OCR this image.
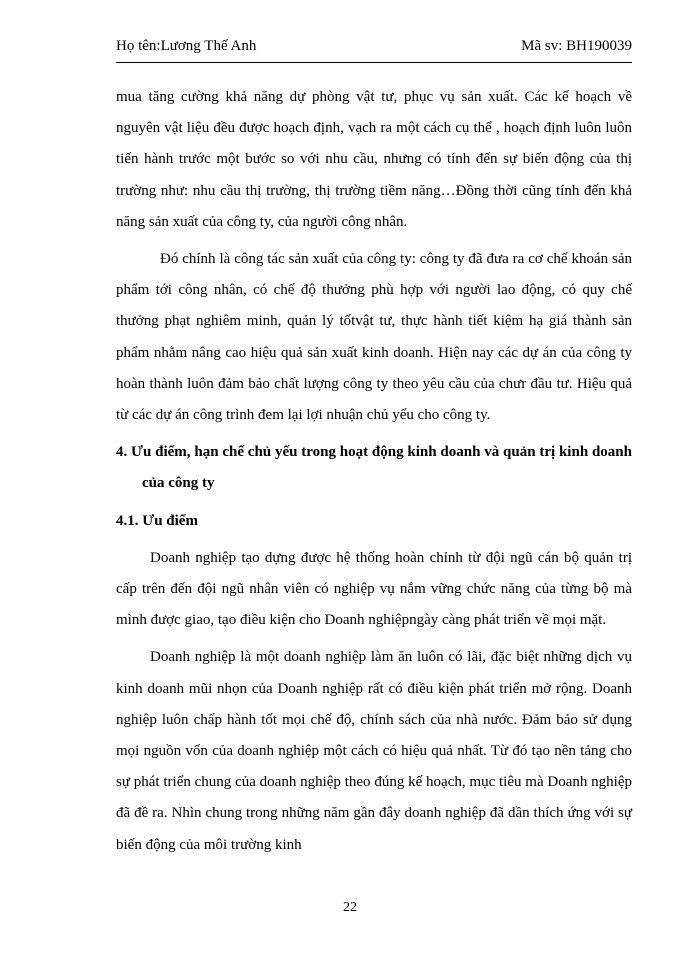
Họ tên:Lương Thế Anh	Mã sv: BH190039

mua tăng cường khả năng dự phòng vật tư, phục vụ sản xuất. Các kế hoạch về nguyên vật liệu đều được hoạch định, vạch ra một cách cụ thể , hoạch định luôn luôn tiến hành trước một bước so với nhu cầu, nhưng có tính đến sự biến động của thị trường như: nhu cầu thị trường, thị trường tiềm năng…Đồng thời cũng tính đến khả năng sản xuất của công ty, của người công nhân.

Đó chính là công tác sản xuất của công ty: công ty đã đưa ra cơ chế khoán sản phẩm tới công nhân, có chế độ thưởng phù hợp với người lao động, có quy chế thưởng phạt nghiêm minh, quản lý tốtvật tư, thực hành tiết kiệm hạ giá thành sản phẩm nhằm nâng cao hiệu quả sản xuất kinh doanh. Hiện nay các dự án của công ty hoàn thành luôn đảm bảo chất lượng công ty theo yêu cầu của chưr đầu tư. Hiệu quả từ các dự án công trình đem lại lợi nhuận chủ yếu cho công ty.

4. Ưu điểm, hạn chế chủ yếu trong hoạt động kinh doanh và quản trị kinh doanh của công ty

4.1. Ưu điểm

Doanh nghiệp tạo dựng được hệ thống hoàn chỉnh từ đội ngũ cán bộ quản trị cấp trên đến đội ngũ nhân viên có nghiệp vụ nắm vững chức năng của từng bộ mà mình được giao, tạo điều kiện cho Doanh nghiệpngày càng phát triển về mọi mặt.

Doanh nghiệp là một doanh nghiệp làm ăn luôn có lãi, đặc biệt những dịch vụ kinh doanh mũi nhọn của Doanh nghiệp rất có điều kiện phát triển mở rộng. Doanh nghiệp luôn chấp hành tốt mọi chế độ, chính sách của nhà nước. Đảm bảo sử dụng mọi nguồn vốn của doanh nghiệp một cách có hiệu quả nhất. Từ đó tạo nền tảng cho sự phát triển chung của doanh nghiệp theo đúng kế hoạch, mục tiêu mà Doanh nghiệp đã đề ra. Nhìn chung trong những năm gần đây doanh nghiệp đã dần thích ứng với sự biến động của môi trường kinh

22
